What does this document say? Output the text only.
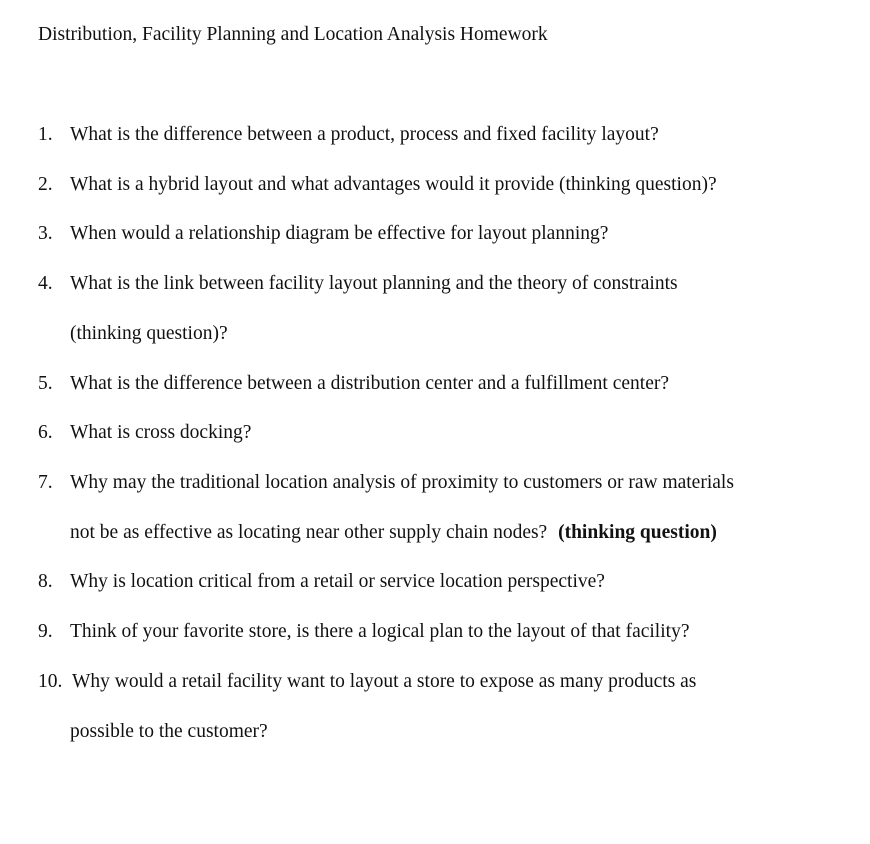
Distribution, Facility Planning and Location Analysis Homework
1. What is the difference between a product, process and fixed facility layout?
2. What is a hybrid layout and what advantages would it provide (thinking question)?
3. When would a relationship diagram be effective for layout planning?
4. What is the link between facility layout planning and the theory of constraints
(thinking question)?
5. What is the difference between a distribution center and a fulfillment center?
6. What is cross docking?
7. Why may the traditional location analysis of proximity to customers or raw materials
not be as effective as locating near other supply chain nodes? (thinking question)
8. Why is location critical from a retail or service location perspective?
9. Think of your favorite store, is there a logical plan to the layout of that facility?
10. Why would a retail facility want to layout a store to expose as many products as
possible to the customer?
